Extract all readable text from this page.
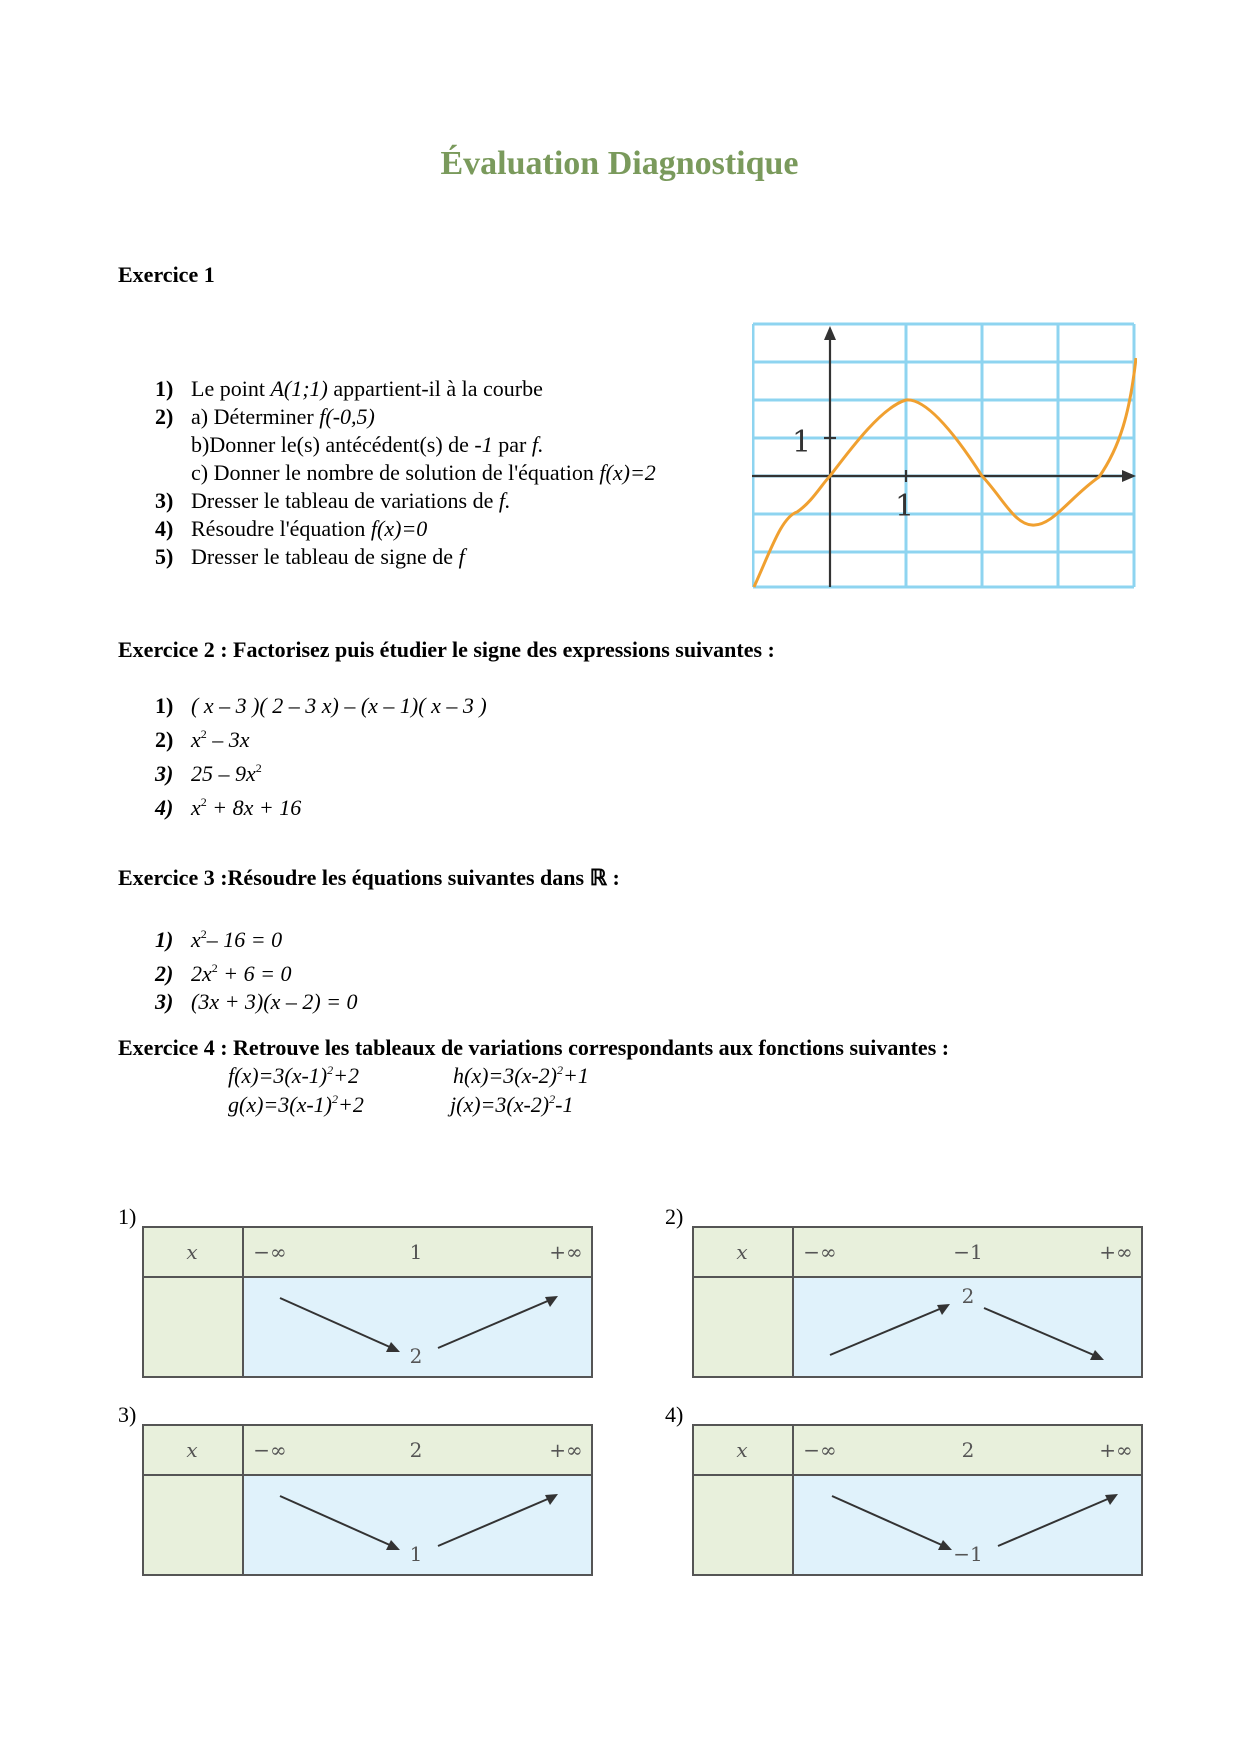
Évaluation Diagnostique
Exercice 1
1) Le point A(1;1) appartient-il à la courbe
2) a) Déterminer f(-0,5)
b)Donner le(s) antécédent(s) de -1 par f.
c) Donner le nombre de solution de l'équation f(x)=2
3) Dresser le tableau de variations de f.
4) Résoudre l'équation f(x)=0
5) Dresser le tableau de signe de f
1
1
Exercice 2 : Factorisez puis étudier le signe des expressions suivantes :
1) ( x – 3 )( 2 – 3 x) – (x – 1)( x – 3 )
2) $x^2 - 3x$
3) $25 - 9x^2$
4) $x^2 + 8x + 16$
Exercice 3 :Résoudre les équations suivantes dans ℝ :
1) $x^2-$ 16 = 0
2) $2x^2 + 6 = 0$
3) (3x + 3)(x – 2) = 0
Exercice 4 : Retrouve les tableaux de variations correspondants aux fonctions suivantes :
$f(x)=3(x-1)^2+2$	$h(x)=3(x-2)^2+1$
$g(x)=3(x-1)^2+2$	$j(x)=3(x-2)^2-1$
1)
x	−∞	1	+∞
2
2)
x	−∞	−1	+∞
2
3)
x	−∞	2	+∞
1
4)
x	−∞	2	+∞
−1
